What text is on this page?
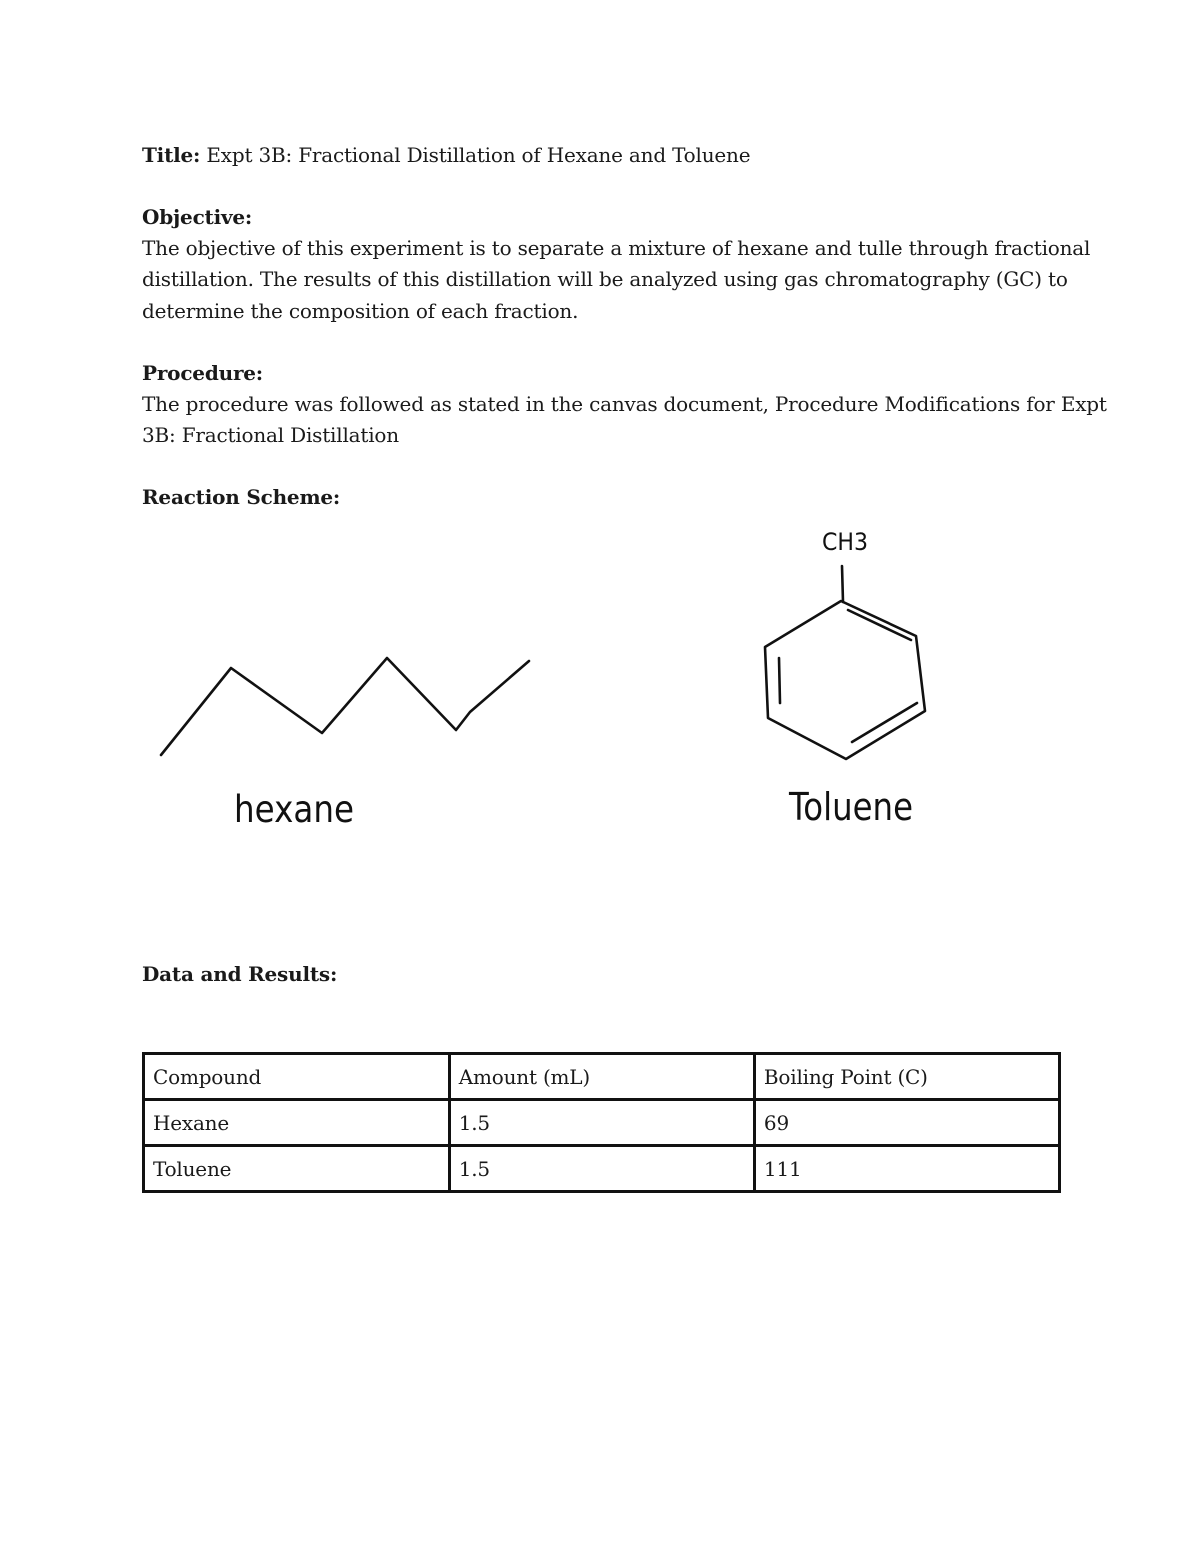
Title: Expt 3B: Fractional Distillation of Hexane and Toluene
Objective:
The objective of this experiment is to separate a mixture of hexane and tulle through fractional
distillation. The results of this distillation will be analyzed using gas chromatography (GC) to
determine the composition of each fraction.
Procedure:
The procedure was followed as stated in the canvas document, Procedure Modifications for Expt
3B: Fractional Distillation
Reaction Scheme:
hexane
CH3
Toluene
Data and Results:
Compound	Amount (mL)	Boiling Point (C)
Hexane	1.5	69
Toluene	1.5	111
